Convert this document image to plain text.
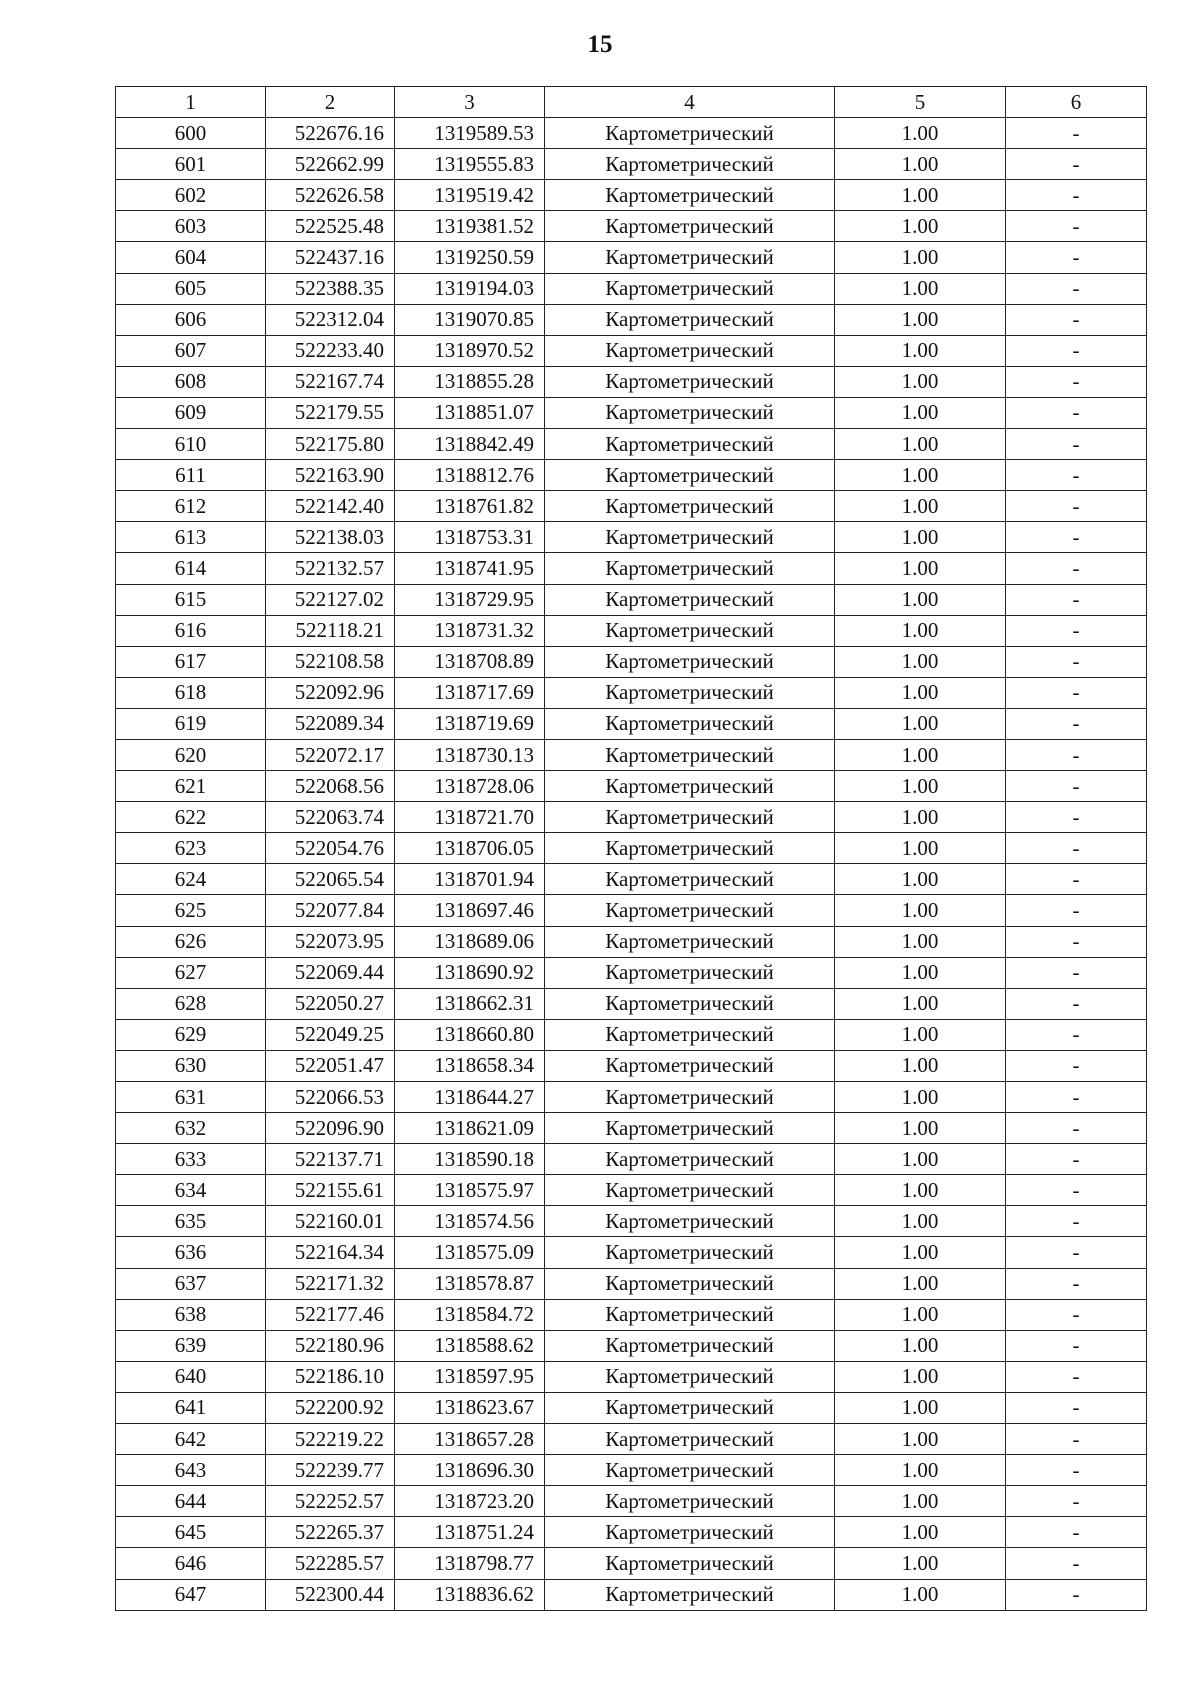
15
1	2	3	4	5	6
600	522676.16	1319589.53	Картометрический	1.00	-
601	522662.99	1319555.83	Картометрический	1.00	-
602	522626.58	1319519.42	Картометрический	1.00	-
603	522525.48	1319381.52	Картометрический	1.00	-
604	522437.16	1319250.59	Картометрический	1.00	-
605	522388.35	1319194.03	Картометрический	1.00	-
606	522312.04	1319070.85	Картометрический	1.00	-
607	522233.40	1318970.52	Картометрический	1.00	-
608	522167.74	1318855.28	Картометрический	1.00	-
609	522179.55	1318851.07	Картометрический	1.00	-
610	522175.80	1318842.49	Картометрический	1.00	-
611	522163.90	1318812.76	Картометрический	1.00	-
612	522142.40	1318761.82	Картометрический	1.00	-
613	522138.03	1318753.31	Картометрический	1.00	-
614	522132.57	1318741.95	Картометрический	1.00	-
615	522127.02	1318729.95	Картометрический	1.00	-
616	522118.21	1318731.32	Картометрический	1.00	-
617	522108.58	1318708.89	Картометрический	1.00	-
618	522092.96	1318717.69	Картометрический	1.00	-
619	522089.34	1318719.69	Картометрический	1.00	-
620	522072.17	1318730.13	Картометрический	1.00	-
621	522068.56	1318728.06	Картометрический	1.00	-
622	522063.74	1318721.70	Картометрический	1.00	-
623	522054.76	1318706.05	Картометрический	1.00	-
624	522065.54	1318701.94	Картометрический	1.00	-
625	522077.84	1318697.46	Картометрический	1.00	-
626	522073.95	1318689.06	Картометрический	1.00	-
627	522069.44	1318690.92	Картометрический	1.00	-
628	522050.27	1318662.31	Картометрический	1.00	-
629	522049.25	1318660.80	Картометрический	1.00	-
630	522051.47	1318658.34	Картометрический	1.00	-
631	522066.53	1318644.27	Картометрический	1.00	-
632	522096.90	1318621.09	Картометрический	1.00	-
633	522137.71	1318590.18	Картометрический	1.00	-
634	522155.61	1318575.97	Картометрический	1.00	-
635	522160.01	1318574.56	Картометрический	1.00	-
636	522164.34	1318575.09	Картометрический	1.00	-
637	522171.32	1318578.87	Картометрический	1.00	-
638	522177.46	1318584.72	Картометрический	1.00	-
639	522180.96	1318588.62	Картометрический	1.00	-
640	522186.10	1318597.95	Картометрический	1.00	-
641	522200.92	1318623.67	Картометрический	1.00	-
642	522219.22	1318657.28	Картометрический	1.00	-
643	522239.77	1318696.30	Картометрический	1.00	-
644	522252.57	1318723.20	Картометрический	1.00	-
645	522265.37	1318751.24	Картометрический	1.00	-
646	522285.57	1318798.77	Картометрический	1.00	-
647	522300.44	1318836.62	Картометрический	1.00	-
